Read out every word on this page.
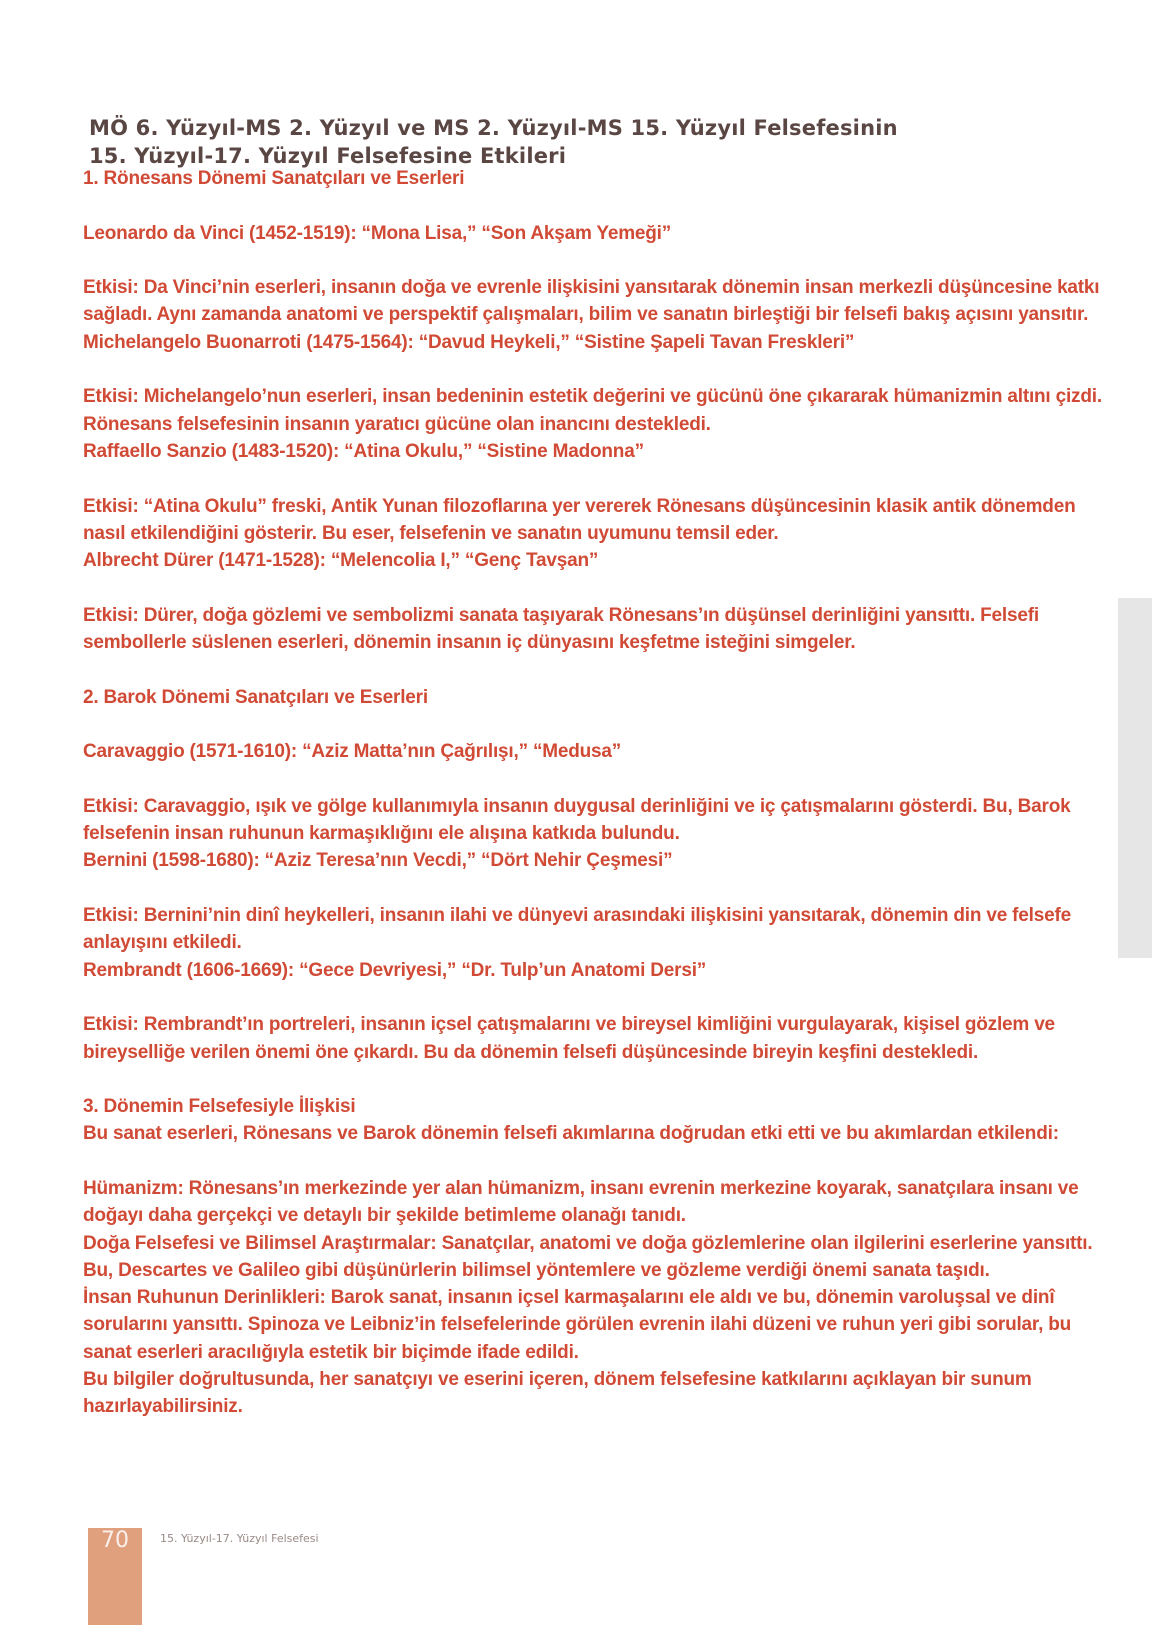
MÖ 6. Yüzyıl-MS 2. Yüzyıl ve MS 2. Yüzyıl-MS 15. Yüzyıl Felsefesinin
15. Yüzyıl-17. Yüzyıl Felsefesine Etkileri

1. Rönesans Dönemi Sanatçıları ve Eserleri

Leonardo da Vinci (1452-1519): “Mona Lisa,” “Son Akşam Yemeği”

Etkisi: Da Vinci’nin eserleri, insanın doğa ve evrenle ilişkisini yansıtarak dönemin insan merkezli düşüncesine katkı sağladı. Aynı zamanda anatomi ve perspektif çalışmaları, bilim ve sanatın birleştiği bir felsefi bakış açısını yansıtır.

Michelangelo Buonarroti (1475-1564): “Davud Heykeli,” “Sistine Şapeli Tavan Freskleri”

Etkisi: Michelangelo’nun eserleri, insan bedeninin estetik değerini ve gücünü öne çıkararak hümanizmin altını çizdi. Rönesans felsefesinin insanın yaratıcı gücüne olan inancını destekledi.

Raffaello Sanzio (1483-1520): “Atina Okulu,” “Sistine Madonna”

Etkisi: “Atina Okulu” freski, Antik Yunan filozoflarına yer vererek Rönesans düşüncesinin klasik antik dönemden nasıl etkilendiğini gösterir. Bu eser, felsefenin ve sanatın uyumunu temsil eder.

Albrecht Dürer (1471-1528): “Melencolia I,” “Genç Tavşan”

Etkisi: Dürer, doğa gözlemi ve sembolizmi sanata taşıyarak Rönesans’ın düşünsel derinliğini yansıttı. Felsefi sembollerle süslenen eserleri, dönemin insanın iç dünyasını keşfetme isteğini simgeler.

2. Barok Dönemi Sanatçıları ve Eserleri

Caravaggio (1571-1610): “Aziz Matta’nın Çağrılışı,” “Medusa”

Etkisi: Caravaggio, ışık ve gölge kullanımıyla insanın duygusal derinliğini ve iç çatışmalarını gösterdi. Bu, Barok felsefenin insan ruhunun karmaşıklığını ele alışına katkıda bulundu.

Bernini (1598-1680): “Aziz Teresa’nın Vecdi,” “Dört Nehir Çeşmesi”

Etkisi: Bernini’nin dinî heykelleri, insanın ilahi ve dünyevi arasındaki ilişkisini yansıtarak, dönemin din ve felsefe anlayışını etkiledi.

Rembrandt (1606-1669): “Gece Devriyesi,” “Dr. Tulp’un Anatomi Dersi”

Etkisi: Rembrandt’ın portreleri, insanın içsel çatışmalarını ve bireysel kimliğini vurgulayarak, kişisel gözlem ve bireyselliğe verilen önemi öne çıkardı. Bu da dönemin felsefi düşüncesinde bireyin keşfini destekledi.

3. Dönemin Felsefesiyle İlişkisi

Bu sanat eserleri, Rönesans ve Barok dönemin felsefi akımlarına doğrudan etki etti ve bu akımlardan etkilendi:

Hümanizm: Rönesans’ın merkezinde yer alan hümanizm, insanı evrenin merkezine koyarak, sanatçılara insanı ve doğayı daha gerçekçi ve detaylı bir şekilde betimleme olanağı tanıdı.

Doğa Felsefesi ve Bilimsel Araştırmalar: Sanatçılar, anatomi ve doğa gözlemlerine olan ilgilerini eserlerine yansıttı. Bu, Descartes ve Galileo gibi düşünürlerin bilimsel yöntemlere ve gözleme verdiği önemi sanata taşıdı.

İnsan Ruhunun Derinlikleri: Barok sanat, insanın içsel karmaşalarını ele aldı ve bu, dönemin varoluşsal ve dinî sorularını yansıttı. Spinoza ve Leibniz’in felsefelerinde görülen evrenin ilahi düzeni ve ruhun yeri gibi sorular, bu sanat eserleri aracılığıyla estetik bir biçimde ifade edildi.

Bu bilgiler doğrultusunda, her sanatçıyı ve eserini içeren, dönem felsefesine katkılarını açıklayan bir sunum hazırlayabilirsiniz.

70	15. Yüzyıl-17. Yüzyıl Felsefesi
